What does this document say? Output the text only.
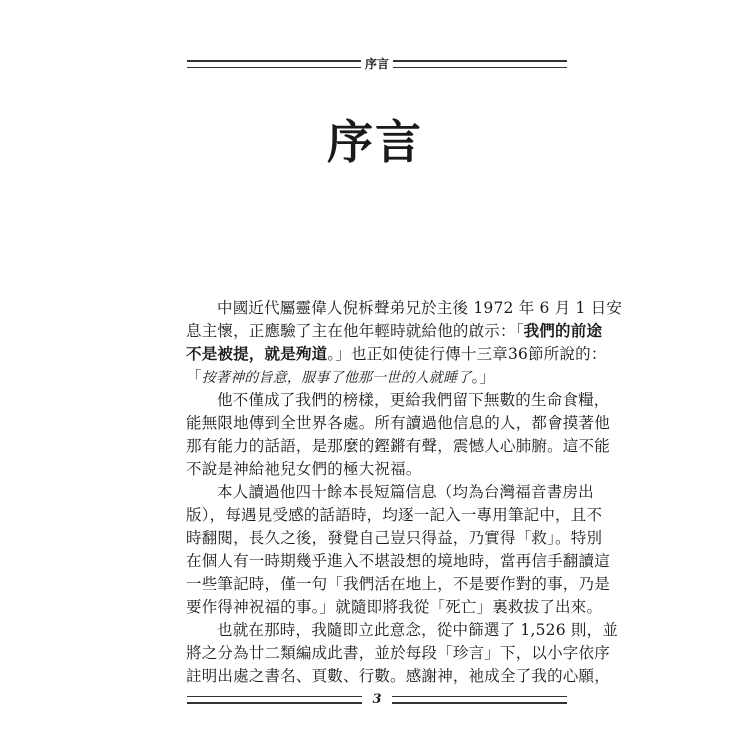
序言
序言
中國近代屬靈偉人倪柝聲弟兄於主後 1972 年 6 月 1 日安
息主懷，正應驗了主在他年輕時就給他的啟示：「我們的前途
不是被提，就是殉道。」也正如使徒行傳十三章36節所說的：
「按著神的旨意，服事了他那一世的人就睡了。」
他不僅成了我們的榜樣，更給我們留下無數的生命食糧，
能無限地傳到全世界各處。所有讀過他信息的人，都會摸著他
那有能力的話語，是那麼的鏗鏘有聲，震憾人心肺腑。這不能
不說是神給祂兒女們的極大祝福。
本人讀過他四十餘本長短篇信息（均為台灣福音書房出
版），每遇見受感的話語時，均逐一記入一專用筆記中，且不
時翻閱，長久之後，發覺自己豈只得益，乃實得「救」。特別
在個人有一時期幾乎進入不堪設想的境地時，當再信手翻讀這
一些筆記時，僅一句「我們活在地上，不是要作對的事，乃是
要作得神祝福的事。」就隨即將我從「死亡」裏救拔了出來。
也就在那時，我隨即立此意念，從中篩選了 1,526 則，並
將之分為廿二類編成此書，並於每段「珍言」下，以小字依序
註明出處之書名、頁數、行數。感謝神，祂成全了我的心願，
3
